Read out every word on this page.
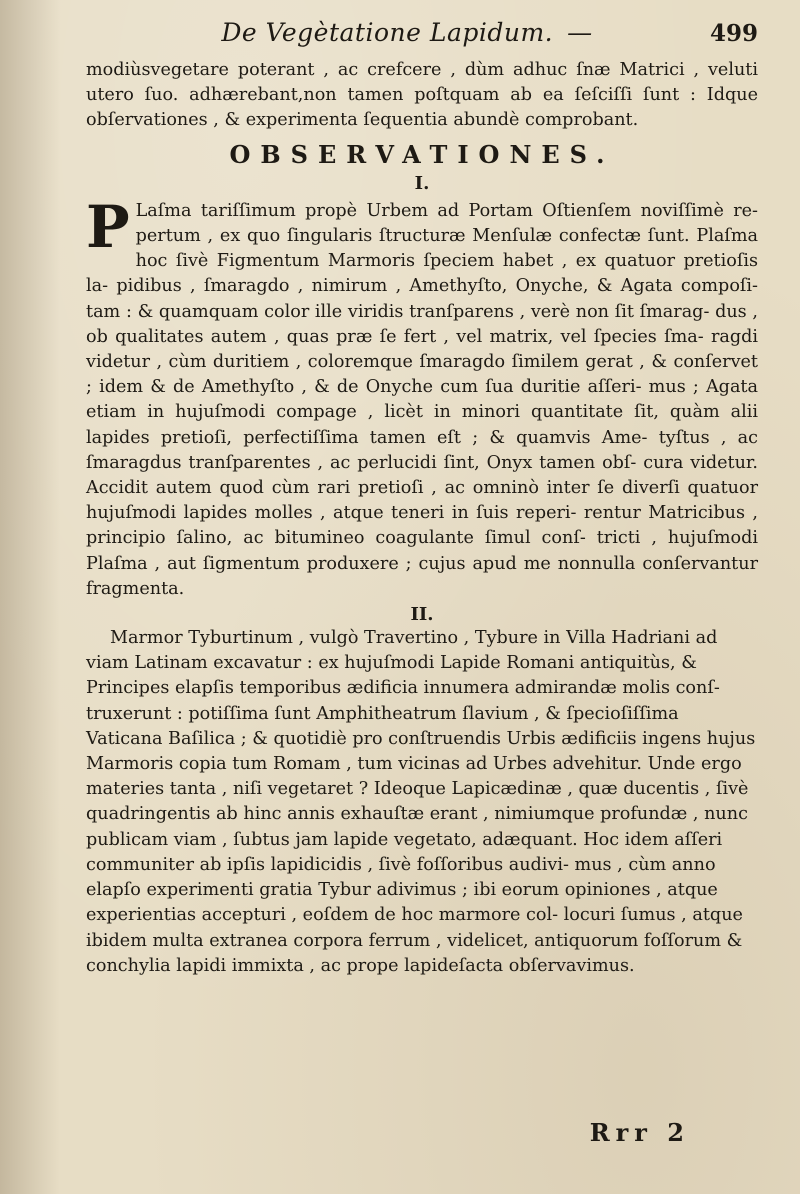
De Vegètatione Lapidum. —	499

modiùsvegetare poterant , ac crefcere , dùm adhuc ſnæ Matrici , veluti utero ſuo. adhærebant,non tamen poſtquam ab ea ſeſciſſi ſunt : Idque obſervationes , & experimenta ſequentia abundè comprobant.

OBSERVATIONES.
I.

P Laſma tariſſimum propè Urbem ad Portam Oſtienſem noviſſimè re- pertum , ex quo ſingularis ſtructuræ Menſulæ confectæ ſunt. Plaſma hoc ſivè Figmentum Marmoris ſpeciem habet , ex quatuor pretioſis la- pidibus , ſmaragdo , nimirum , Amethyſto, Onyche, & Agata compoſi- tam : & quamquam color ille viridis tranſparens , verè non ſit ſmarag- dus , ob qualitates autem , quas præ ſe fert , vel matrix, vel ſpecies ſma- ragdi videtur , cùm duritiem , coloremque ſmaragdo ſimilem gerat , & conſervet ; idem & de Amethyſto , & de Onyche cum ſua duritie aſſeri- mus ; Agata etiam in hujuſmodi compage , licèt in minori quantitate ſit, quàm alii lapides pretioſi, perfectiſſima tamen eſt ; & quamvis Ame- tyſtus , ac ſmaragdus tranſparentes , ac perlucidi ſint, Onyx tamen obſ- cura videtur. Accidit autem quod cùm rari pretioſi , ac omninò inter ſe diverſi quatuor hujuſmodi lapides molles , atque teneri in ſuis reperi- rentur Matricibus , principio ſalino, ac bitumineo coagulante ſimul conſ- tricti , hujuſmodi Plaſma , aut ſigmentum produxere ; cujus apud me nonnulla conſervantur fragmenta.

II.

Marmor Tyburtinum , vulgò Travertino , Tybure in Villa Hadriani ad viam Latinam excavatur : ex hujuſmodi Lapide Romani antiquitùs, & Principes elapſis temporibus ædificia innumera admirandæ molis conſ- truxerunt : potiſſima ſunt Amphitheatrum ſlavium , & ſpecioſiſſima Vaticana Baſilica ; & quotidiè pro conſtruendis Urbis ædificiis ingens hujus Marmoris copia tum Romam , tum vicinas ad Urbes advehitur. Unde ergo materies tanta , niſi vegetaret ? Ideoque Lapicædinæ , quæ ducentis , ſivè quadringentis ab hinc annis exhauſtæ erant , nimiumque profundæ , nunc publicam viam , ſubtus jam lapide vegetato, adæquant. Hoc idem aſſeri communiter ab ipſis lapidicidis , ſivè foſſoribus audivi- mus , cùm anno elapſo experimenti gratia Tybur adivimus ; ibi eorum opiniones , atque experientias accepturi , eoſdem de hoc marmore col- locuri ſumus , atque ibidem multa extranea corpora ferrum , videlicet, antiquorum foſſorum & conchylia lapidi immixta , ac prope lapideſacta obſervavimus.

Rrr 2
